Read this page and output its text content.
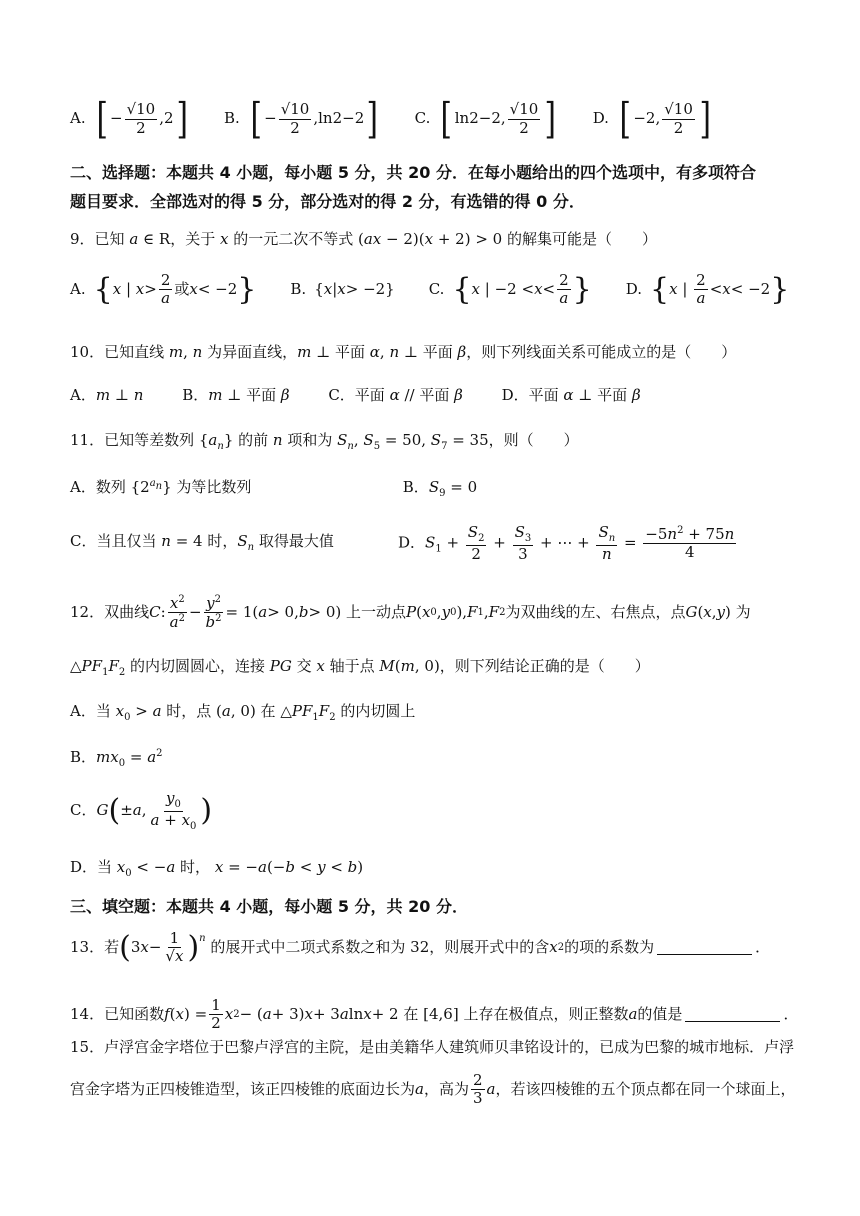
A. [ − √10
2
,2 ] B. [ − √10
2
,ln2−2 ] C. [ ln2−2, √10
2 ] D. [ −2, √10
2 ]
二、选择题：本题共 4 小题，每小题 5 分，共 20 分．在每小题给出的四个选项中，有多项符合
题目要求．全部选对的得 5 分，部分选对的得 2 分，有选错的得 0 分．
9．已知 a ∈ R，关于 x 的一元二次不等式 (ax − 2)(x + 2) > 0 的解集可能是（　　）
A. { x | x > 2
a
或 x < −2 } B. { x | x > −2} C. { x | −2 < x < 2
a } D. { x | 2
a
< x < −2 }
10．已知直线 m, n 为异面直线，m ⊥ 平面 α, n ⊥ 平面 β，则下列线面关系可能成立的是（　　）
A．m ⊥ n	B．m ⊥ 平面 β	C．平面 α // 平面 β	D．平面 α ⊥ 平面 β
11．已知等差数列 $\{a_n\}$ 的前 n 项和为 $S_n$, $S_5 = 50$, $S_7 = 35$，则（　　）
A．数列 $\{2^{a_n}\}$ 为等比数列	B．$S_9 = 0$
C．当且仅当 n = 4 时，$S_n$ 取得最大值	D．$S_1 + \frac{S_2}{2} + \frac{S_3}{3}$ + ⋯ + $\frac{S_n}{n} = \frac{-5n^2 + 75n}{4}$
12．双曲线 C : $x^2$
$a^2 - y^2$
$b^2 = 1$( a > 0, b > 0) 上一动点 P ( x 0 , y 0 ), F 1 , F 2 为双曲线的左、右焦点，点 G ( x , y ) 为
$\triangle PF_1F_2$ 的内切圆圆心，连接 PG 交 x 轴于点 M(m, 0)，则下列结论正确的是（　　）
A．当 $x_0 > a$ 时，点 (a, 0) 在 $\triangle PF_1F_2$ 的内切圆上
B．$mx_0 = a^2$
C． G ( ± a ,
$y_0$
$a + x_0$ )
D．当 $x_0 < -a$ 时， x = −a(−b < y < b)
三、填空题：本题共 4 小题，每小题 5 分，共 20 分．
13．若 ( 3 x − 1
√x ) $^n$ 的展开式中二项式系数之和为 32，则展开式中的含 x 2 的项的系数为	．
14．已知函数 f ( x ) = 1
2
x 2 − ( a + 3) x + 3 a ln x + 2 在 [4,6] 上存在极值点，则正整数 a 的值是	．
15．卢浮宫金字塔位于巴黎卢浮宫的主院，是由美籍华人建筑师贝聿铭设计的，已成为巴黎的城市地标．卢浮
宫金字塔为正四棱锥造型，该正四棱锥的底面边长为 a ，高为 2
3
a ，若该四棱锥的五个顶点都在同一个球面上，
